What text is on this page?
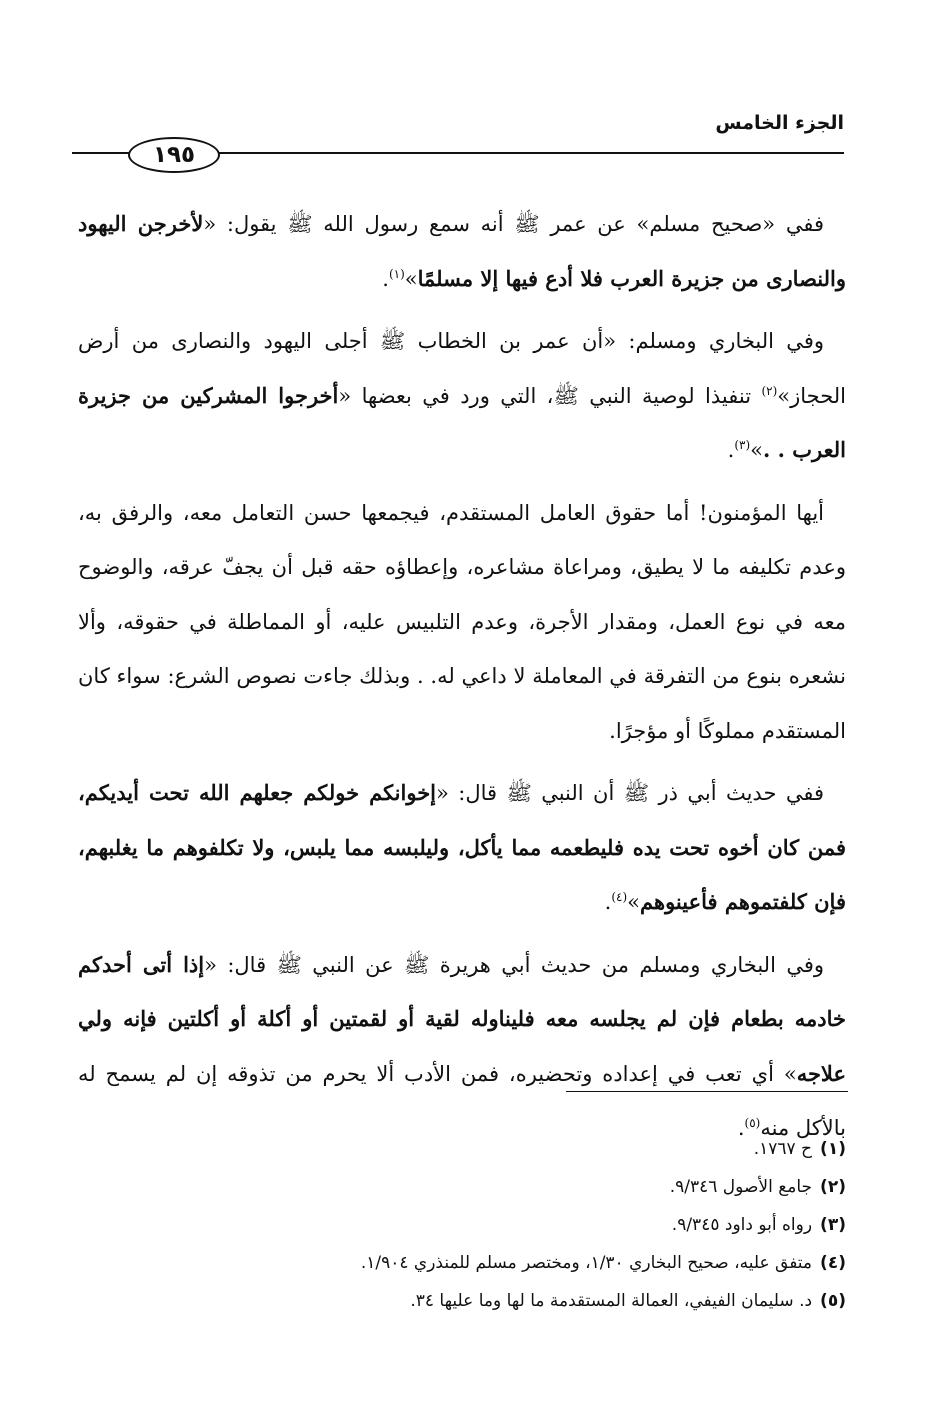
الجزء الخامس
١٩٥

ففي «صحيح مسلم» عن عمر ﷺ أنه سمع رسول الله ﷺ يقول: «لأخرجن اليهود والنصارى من جزيرة العرب فلا أدع فيها إلا مسلمًا»$^{(١)}$.

وفي البخاري ومسلم: «أن عمر بن الخطاب ﷺ أجلى اليهود والنصارى من أرض الحجاز»$^{(٢)}$ تنفيذا لوصية النبي ﷺ، التي ورد في بعضها «أخرجوا المشركين من جزيرة العرب . .»$^{(٣)}$.

أيها المؤمنون! أما حقوق العامل المستقدم، فيجمعها حسن التعامل معه، والرفق به، وعدم تكليفه ما لا يطيق، ومراعاة مشاعره، وإعطاؤه حقه قبل أن يجفّ عرقه، والوضوح معه في نوع العمل، ومقدار الأجرة، وعدم التلبيس عليه، أو المماطلة في حقوقه، وألا نشعره بنوع من التفرقة في المعاملة لا داعي له. . وبذلك جاءت نصوص الشرع: سواء كان المستقدم مملوكًا أو مؤجرًا.

ففي حديث أبي ذر ﷺ أن النبي ﷺ قال: «إخوانكم خولكم جعلهم الله تحت أيديكم، فمن كان أخوه تحت يده فليطعمه مما يأكل، وليلبسه مما يلبس، ولا تكلفوهم ما يغلبهم، فإن كلفتموهم فأعينوهم»$^{(٤)}$.

وفي البخاري ومسلم من حديث أبي هريرة ﷺ عن النبي ﷺ قال: «إذا أتى أحدكم خادمه بطعام فإن لم يجلسه معه فليناوله لقية أو لقمتين أو أكلة أو أكلتين فإنه ولي علاجه» أي تعب في إعداده وتحضيره، فمن الأدب ألا يحرم من تذوقه إن لم يسمح له بالأكل منه$^{(٥)}$.

(١)ح ١٧٦٧.
(٢)جامع الأصول ٩/٣٤٦.
(٣)رواه أبو داود ٩/٣٤٥.
(٤)متفق عليه، صحيح البخاري ١/٣٠، ومختصر مسلم للمنذري ١/٩٠٤.
(٥)د. سليمان الفيفي، العمالة المستقدمة ما لها وما عليها ٣٤.
